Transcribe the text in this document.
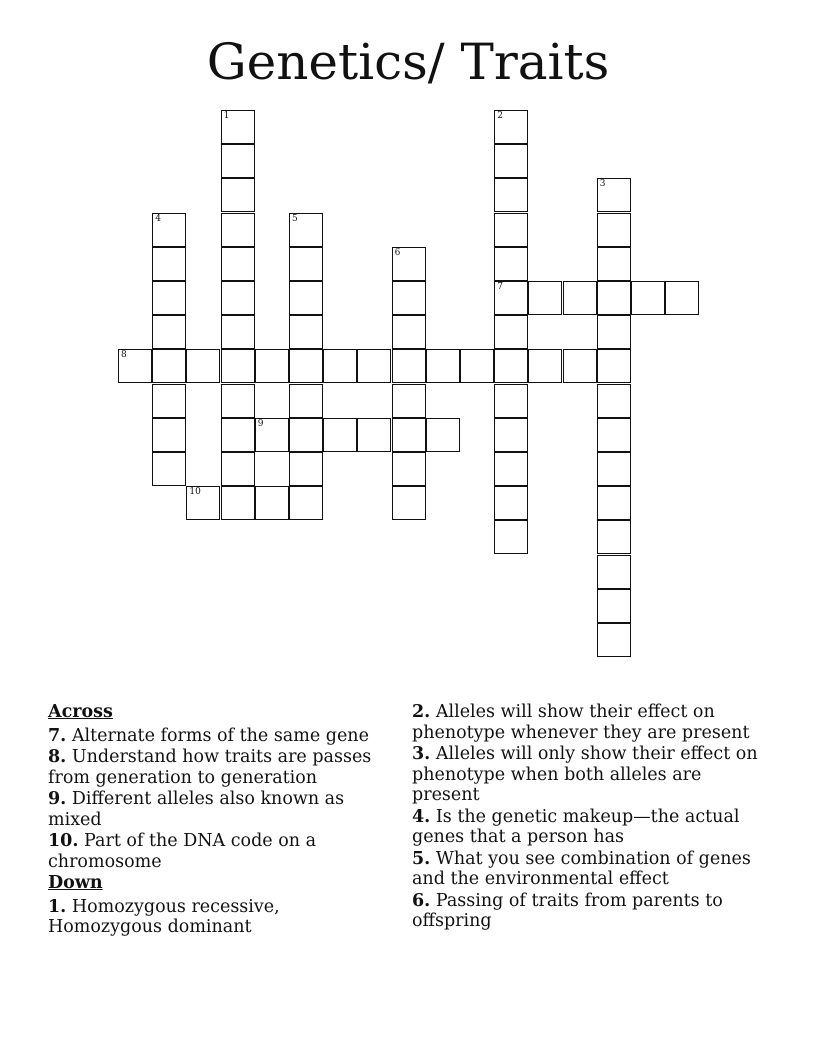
Genetics/ Traits
1	2
7
3
4	5
6
8
9
10
Across
7. Alternate forms of the same gene
8. Understand how traits are passes from generation to generation
9. Different alleles also known as mixed
10. Part of the DNA code on a chromosome
Down
1. Homozygous recessive, Homozygous dominant
2. Alleles will show their effect on phenotype whenever they are present
3. Alleles will only show their effect on phenotype when both alleles are present
4. Is the genetic makeup—the actual genes that a person has
5. What you see combination of genes and the environmental effect
6. Passing of traits from parents to offspring
